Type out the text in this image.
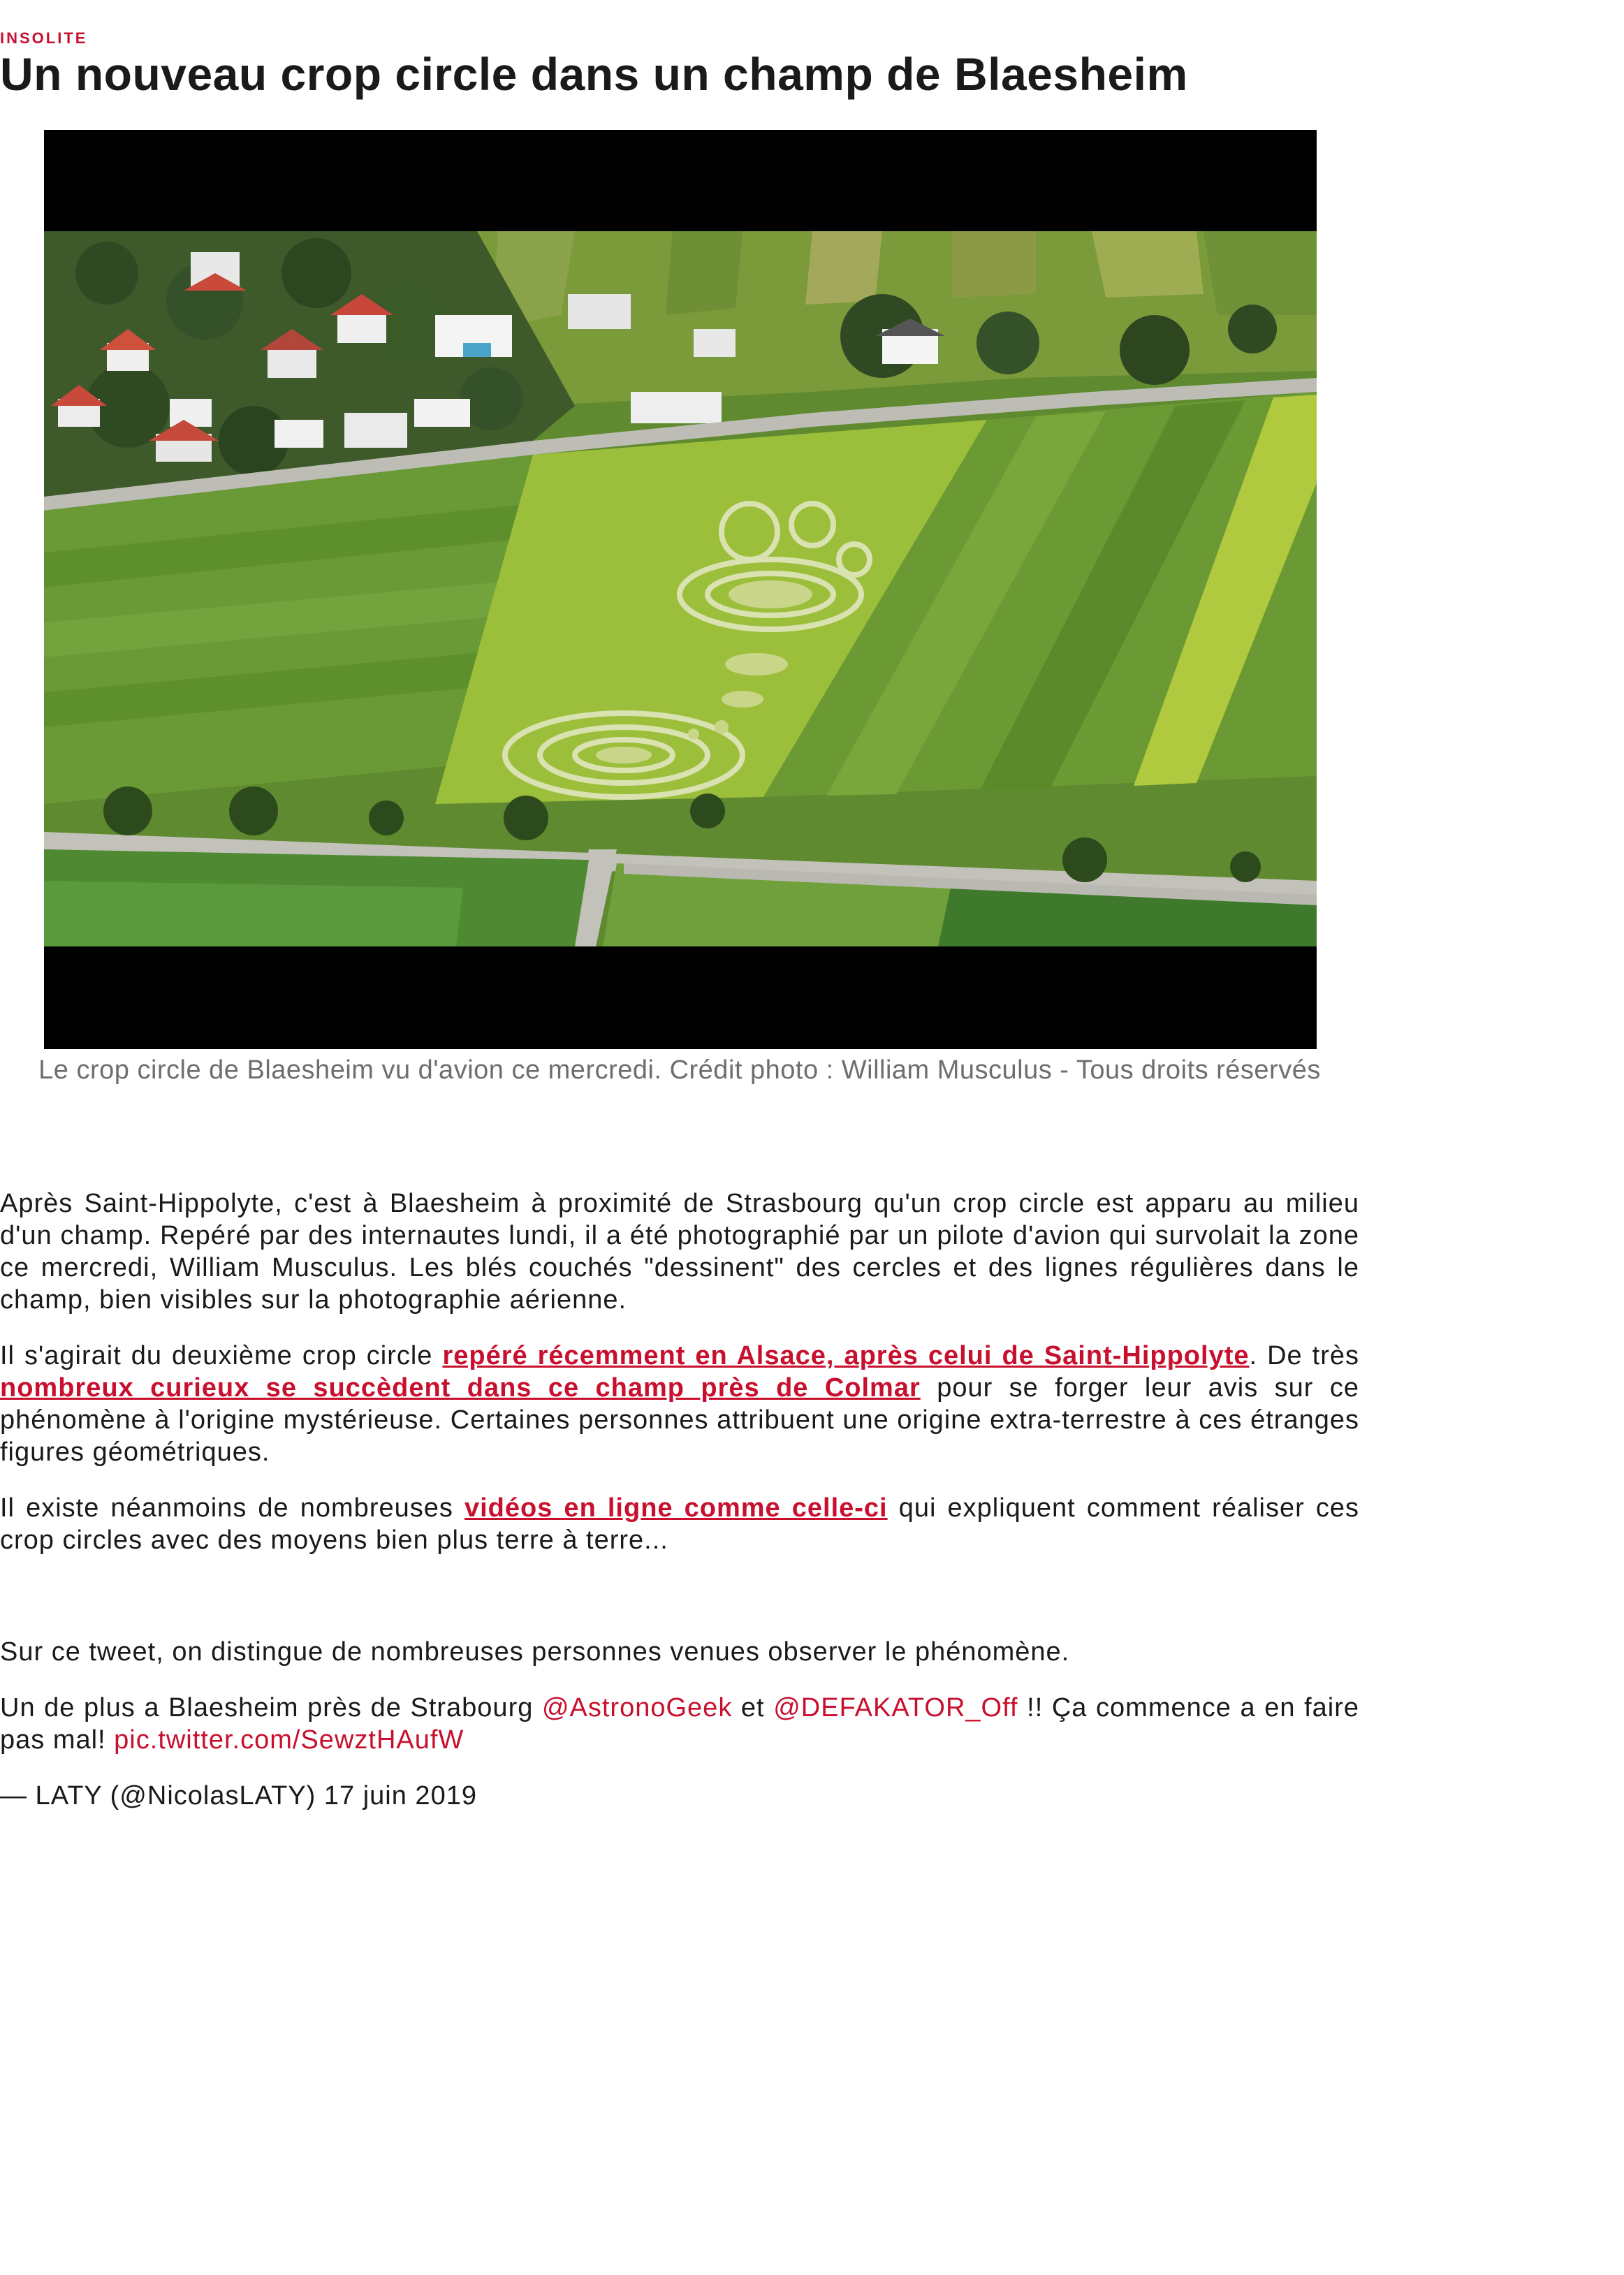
INSOLITE
Un nouveau crop circle dans un champ de Blaesheim
Le crop circle de Blaesheim vu d'avion ce mercredi. Crédit photo : William Musculus - Tous droits réservés

Après Saint-Hippolyte, c'est à Blaesheim à proximité de Strasbourg qu'un crop circle est apparu au milieu d'un champ. Repéré par des internautes lundi, il a été photographié par un pilote d'avion qui survolait la zone ce mercredi, William Musculus. Les blés couchés "dessinent" des cercles et des lignes régulières dans le champ, bien visibles sur la photographie aérienne.

Il s'agirait du deuxième crop circle repéré récemment en Alsace, après celui de Saint-Hippolyte. De très nombreux curieux se succèdent dans ce champ près de Colmar pour se forger leur avis sur ce phénomène à l'origine mystérieuse. Certaines personnes attribuent une origine extra-terrestre à ces étranges figures géométriques.

Il existe néanmoins de nombreuses vidéos en ligne comme celle-ci qui expliquent comment réaliser ces crop circles avec des moyens bien plus terre à terre...

Sur ce tweet, on distingue de nombreuses personnes venues observer le phénomène.

Un de plus a Blaesheim près de Strabourg @AstronoGeek et @DEFAKATOR_Off !! Ça commence a en faire pas mal! pic.twitter.com/SewztHAufW

— LATY (@NicolasLATY) 17 juin 2019
